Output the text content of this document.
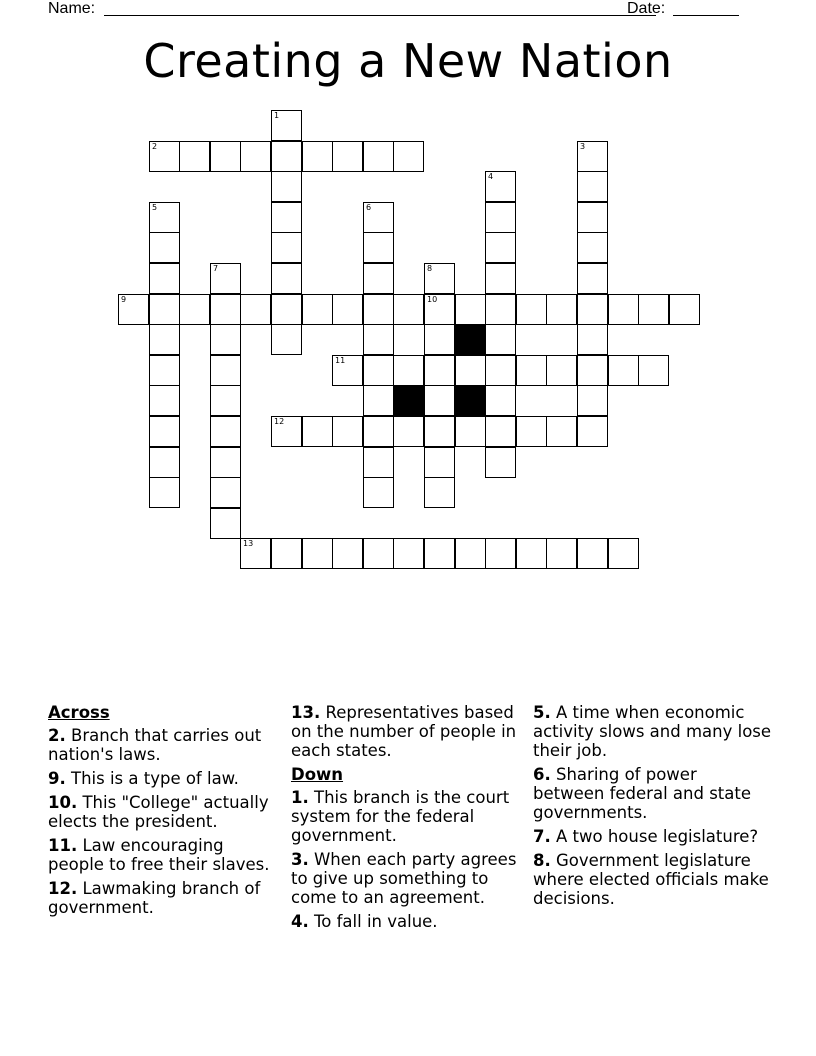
Name:	Date:
Creating a New Nation
2
9	10
11
12
13
1
3
4
5	6
7	8
Across
2. Branch that carries out nation's laws.
9. This is a type of law.
10. This "College" actually elects the president.
11. Law encouraging people to free their slaves.
12. Lawmaking branch of government.
13. Representatives based on the number of people in each states.
Down
1. This branch is the court system for the federal government.
3. When each party agrees to give up something to come to an agreement.
4. To fall in value.
5. A time when economic activity slows and many lose their job.
6. Sharing of power between federal and state governments.
7. A two house legislature?
8. Government legislature where elected officials make decisions.
